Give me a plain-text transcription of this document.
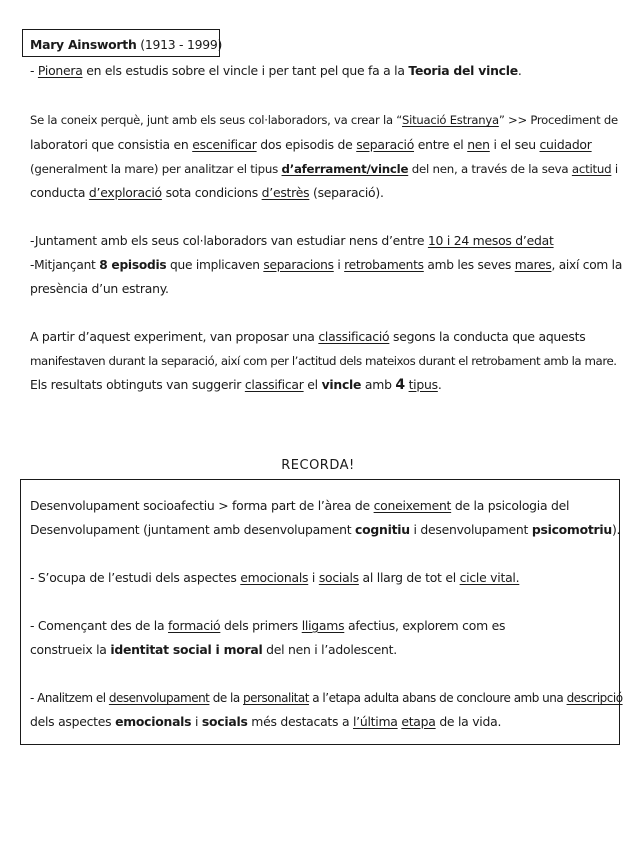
Mary Ainsworth (1913 - 1999)
- Pionera en els estudis sobre el vincle i per tant pel que fa a la Teoria del vincle.
Se la coneix perquè, junt amb els seus col·laboradors, va crear la “Situació Estranya” >> Procediment de
laboratori que consistia en escenificar dos episodis de separació entre el nen i el seu cuidador
(generalment la mare) per analitzar el tipus d’aferrament/vincle del nen, a través de la seva actitud i
conducta d’exploració sota condicions d’estrès (separació).
-Juntament amb els seus col·laboradors van estudiar nens d’entre 10 i 24 mesos d’edat
-Mitjançant 8 episodis que implicaven separacions i retrobaments amb les seves mares, així com la
presència d’un estrany.
A partir d’aquest experiment, van proposar una classificació segons la conducta que aquests
manifestaven durant la separació, així com per l’actitud dels mateixos durant el retrobament amb la mare.
Els resultats obtinguts van suggerir classificar el vincle amb 4 tipus.
RECORDA!
Desenvolupament socioafectiu > forma part de l’àrea de coneixement de la psicologia del
Desenvolupament (juntament amb desenvolupament cognitiu i desenvolupament psicomotriu).
- S’ocupa de l’estudi dels aspectes emocionals i socials al llarg de tot el cicle vital.
- Començant des de la formació dels primers lligams afectius, explorem com es
construeix la identitat social i moral del nen i l’adolescent.
- Analitzem el desenvolupament de la personalitat a l’etapa adulta abans de concloure amb una descripció
dels aspectes emocionals i socials més destacats a l’última etapa de la vida.
